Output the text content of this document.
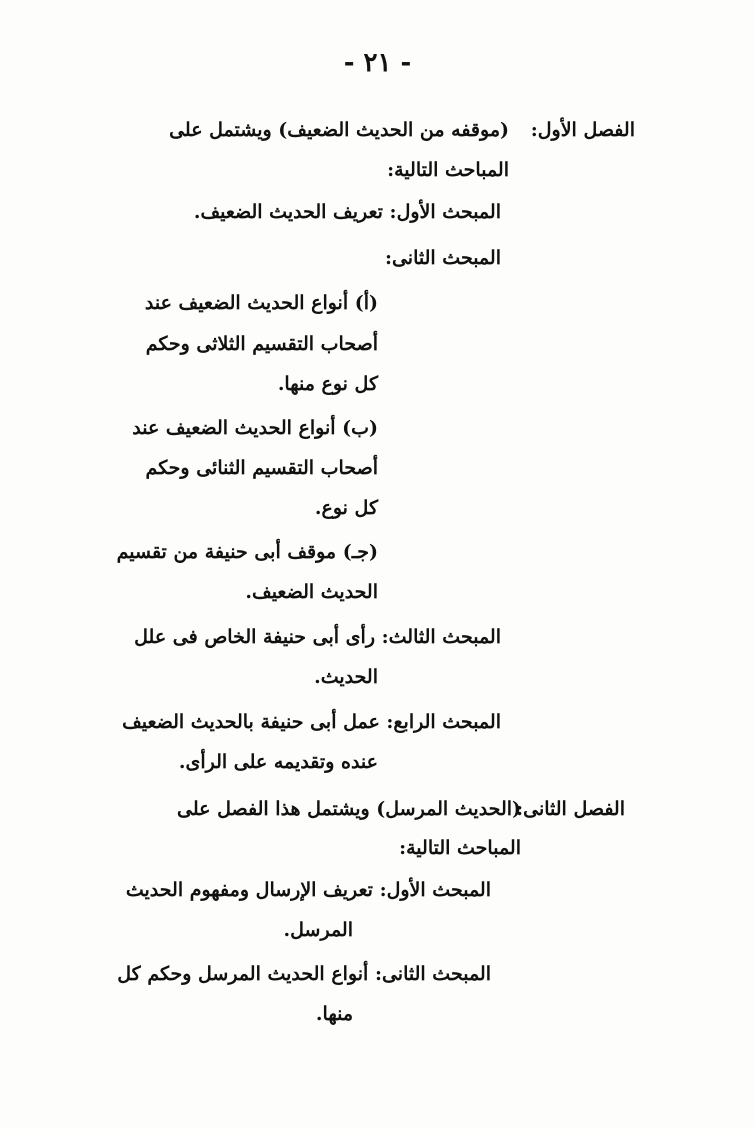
- ٢١ -
الفصل الأول:
(موقفه من الحديث الضعيف) ويشتمل على
المباحث التالية:
المبحث الأول: تعريف الحديث الضعيف.
المبحث الثانى:
(أ) أنواع الحديث الضعيف عند
أصحاب التقسيم الثلاثى وحكم
كل نوع منها.
(ب) أنواع الحديث الضعيف عند
أصحاب التقسيم الثنائى وحكم
كل نوع.
(جـ) موقف أبى حنيفة من تقسيم
الحديث الضعيف.
المبحث الثالث: رأى أبى حنيفة الخاص فى علل
الحديث.
المبحث الرابع: عمل أبى حنيفة بالحديث الضعيف
عنده وتقديمه على الرأى.
الفصل الثانى:
(الحديث المرسل) ويشتمل هذا الفصل على
المباحث التالية:
المبحث الأول: تعريف الإرسال ومفهوم الحديث
المرسل.
المبحث الثانى: أنواع الحديث المرسل وحكم كل
منها.
